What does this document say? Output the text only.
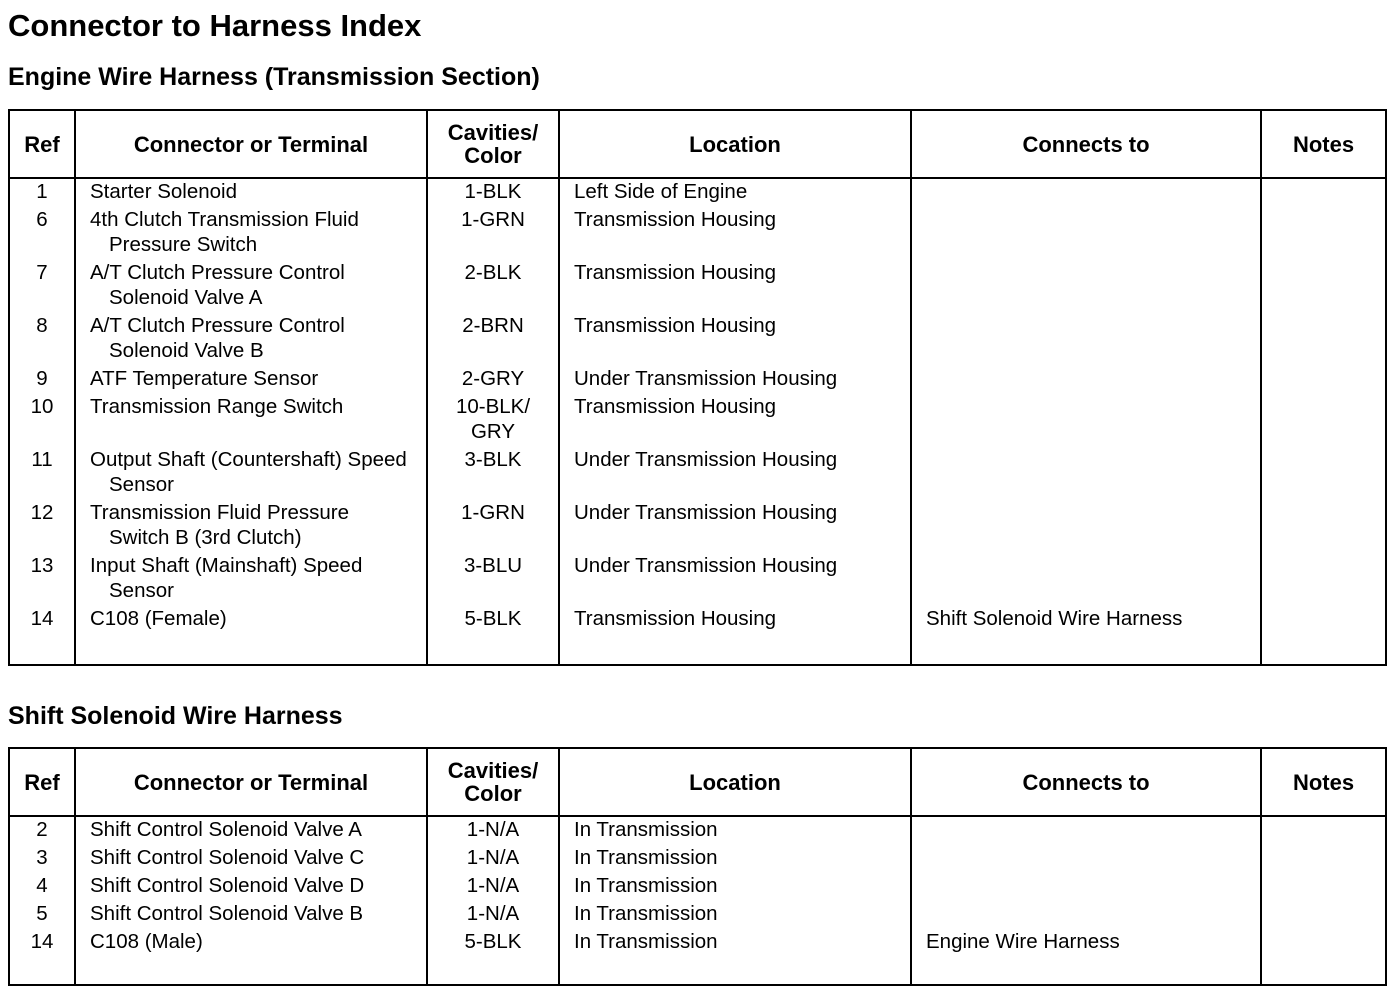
Connector to Harness Index
Engine Wire Harness (Transmission Section)
Ref	Connector or Terminal	Cavities/
Color	Location	Connects to	Notes

1	Starter Solenoid	1-BLK	Left Side of Engine		

6	4th Clutch Transmission Fluid
Pressure Switch	1-GRN	Transmission Housing		

7	A/T Clutch Pressure Control
Solenoid Valve A	2-BLK	Transmission Housing		

8	A/T Clutch Pressure Control
Solenoid Valve B	2-BRN	Transmission Housing		

9	ATF Temperature Sensor	2-GRY	Under Transmission Housing		

10	Transmission Range Switch	10-BLK/
GRY	Transmission Housing		

11	Output Shaft (Countershaft) Speed
Sensor	3-BLK	Under Transmission Housing		

12	Transmission Fluid Pressure
Switch B (3rd Clutch)	1-GRN	Under Transmission Housing		

13	Input Shaft (Mainshaft) Speed
Sensor	3-BLU	Under Transmission Housing		

14	C108 (Female)	5-BLK	Transmission Housing	Shift Solenoid Wire Harness	

Shift Solenoid Wire Harness
Ref	Connector or Terminal	Cavities/
Color	Location	Connects to	Notes

2	Shift Control Solenoid Valve A	1-N/A	In Transmission		

3	Shift Control Solenoid Valve C	1-N/A	In Transmission		

4	Shift Control Solenoid Valve D	1-N/A	In Transmission		

5	Shift Control Solenoid Valve B	1-N/A	In Transmission		

14	C108 (Male)	5-BLK	In Transmission	Engine Wire Harness	
